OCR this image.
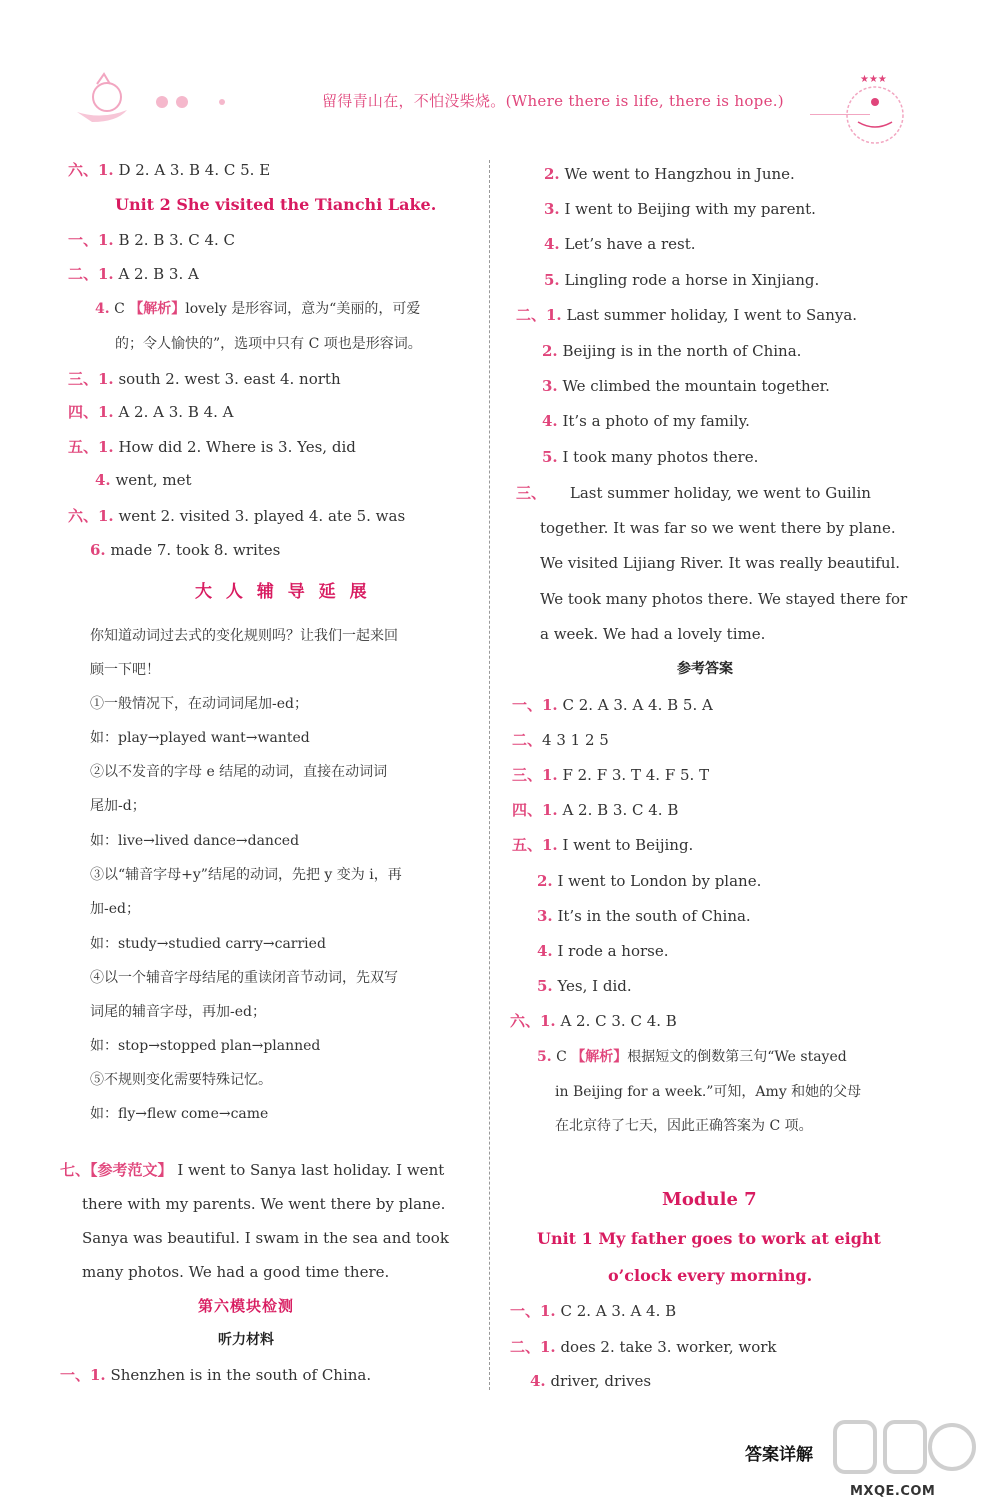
留得青山在，不怕没柴烧。(Where there is life, there is hope.)
★★★
六、1. D 2. A 3. B 4. C 5. E
Unit 2 She visited the Tianchi Lake.
一、1. B 2. B 3. C 4. C
二、1. A 2. B 3. A
4. C 【解析】lovely 是形容词，意为“美丽的，可爱
的；令人愉快的”，选项中只有 C 项也是形容词。
三、1. south 2. west 3. east 4. north
四、1. A 2. A 3. B 4. A
五、1. How did 2. Where is 3. Yes, did
4. went, met
六、1. went 2. visited 3. played 4. ate 5. was
6. made 7. took 8. writes
大 人 辅 导 延 展
你知道动词过去式的变化规则吗？让我们一起来回
顾一下吧！
①一般情况下，在动词词尾加-ed；
如：play→played want→wanted
②以不发音的字母 e 结尾的动词，直接在动词词
尾加-d；
如：live→lived dance→danced
③以“辅音字母+y”结尾的动词，先把 y 变为 i，再
加-ed；
如：study→studied carry→carried
④以一个辅音字母结尾的重读闭音节动词，先双写
词尾的辅音字母，再加-ed；
如：stop→stopped plan→planned
⑤不规则变化需要特殊记忆。
如：fly→flew come→came
七、【参考范文】 I went to Sanya last holiday. I went
there with my parents. We went there by plane.
Sanya was beautiful. I swam in the sea and took
many photos. We had a good time there.
第六模块检测
听力材料
一、1. Shenzhen is in the south of China.
2. We went to Hangzhou in June.
3. I went to Beijing with my parent.
4. Let’s have a rest.
5. Lingling rode a horse in Xinjiang.
二、1. Last summer holiday, I went to Sanya.
2. Beijing is in the north of China.
3. We climbed the mountain together.
4. It’s a photo of my family.
5. I took many photos there.
三、 Last summer holiday, we went to Guilin
together. It was far so we went there by plane.
We visited Lijiang River. It was really beautiful.
We took many photos there. We stayed there for
a week. We had a lovely time.
参考答案
一、1. C 2. A 3. A 4. B 5. A
二、4 3 1 2 5
三、1. F 2. F 3. T 4. F 5. T
四、1. A 2. B 3. C 4. B
五、1. I went to Beijing.
2. I went to London by plane.
3. It’s in the south of China.
4. I rode a horse.
5. Yes, I did.
六、1. A 2. C 3. C 4. B
5. C 【解析】根据短文的倒数第三句“We stayed
in Beijing for a week.”可知，Amy 和她的父母
在北京待了七天，因此正确答案为 C 项。
Module 7
Unit 1 My father goes to work at eight
o’clock every morning.
一、1. C 2. A 3. A 4. B
二、1. does 2. take 3. worker, work
4. driver, drives
答案详解
MXQE.COM
